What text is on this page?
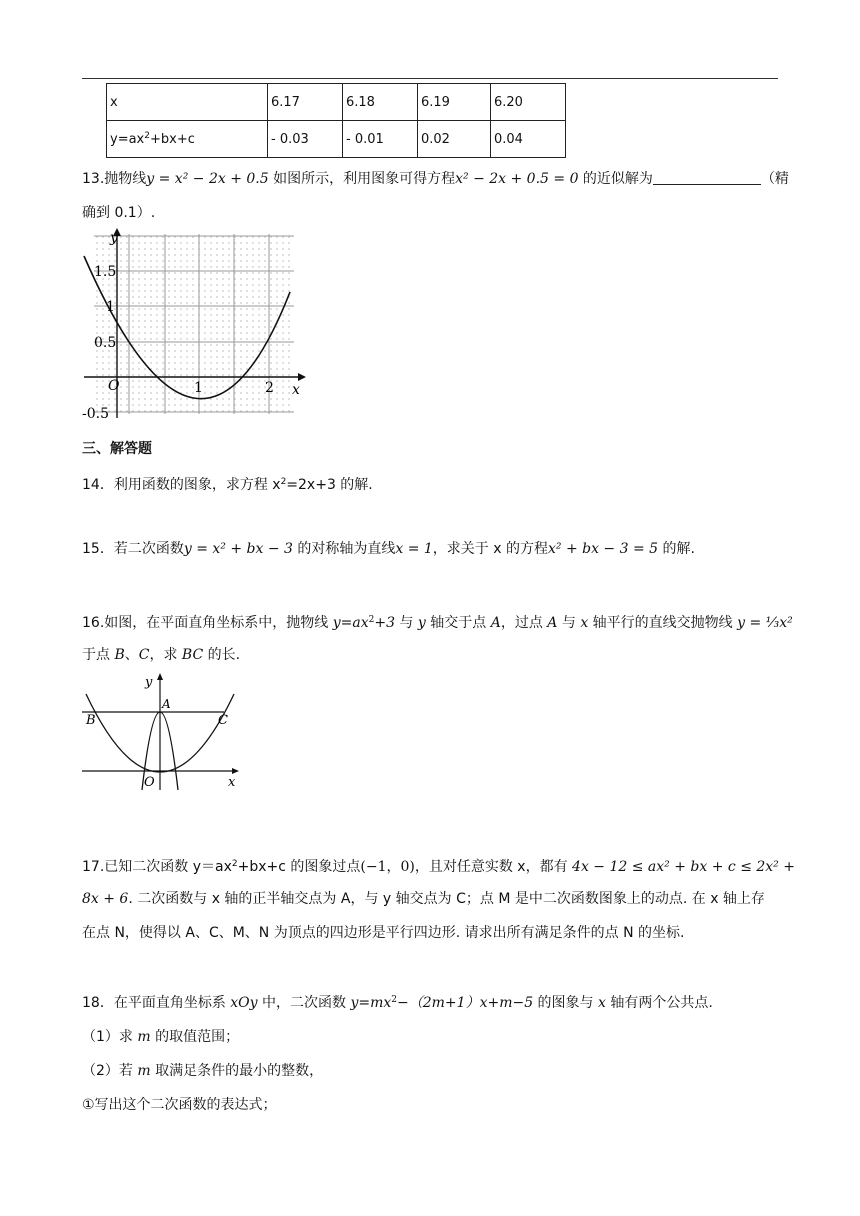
x	6.17	6.18	6.19	6.20
$y=ax^2+bx+c$	- 0.03	- 0.01	0.02	0.04
13.抛物线y = x² − 2x + 0.5 如图所示，利用图象可得方程x² − 2x + 0.5 = 0 的近似解为	（精
确到 0.1）.
y
x
O
1.5
1
0.5
-0.5
1	2
三、解答题
14．利用函数的图象，求方程 $x^2=2x+3$ 的解.
15．若二次函数y = x² + bx − 3 的对称轴为直线x = 1，求关于 x 的方程x² + bx − 3 = 5 的解.
16.如图，在平面直角坐标系中，抛物线 $y=ax^2+3$ 与 y 轴交于点 A，过点 A 与 x 轴平行的直线交抛物线 y = ⅓x²
于点 B、C，求 BC 的长.
y
x
A
B	C
O
17.已知二次函数 $y=ax^2+bx+c$ 的图象过点(−1，0)，且对任意实数 x，都有 4x − 12 ≤ ax² + bx + c ≤ 2x² +
8x + 6. 二次函数与 x 轴的正半轴交点为 A，与 y 轴交点为 C；点 M 是中二次函数图象上的动点. 在 x 轴上存
在点 N，使得以 A、C、M、N 为顶点的四边形是平行四边形. 请求出所有满足条件的点 N 的坐标.
18．在平面直角坐标系 xOy 中，二次函数 $y=mx^2-(2m+1)x+m-5$ 的图象与 x 轴有两个公共点.
（1）求 m 的取值范围；
（2）若 m 取满足条件的最小的整数，
①写出这个二次函数的表达式；
